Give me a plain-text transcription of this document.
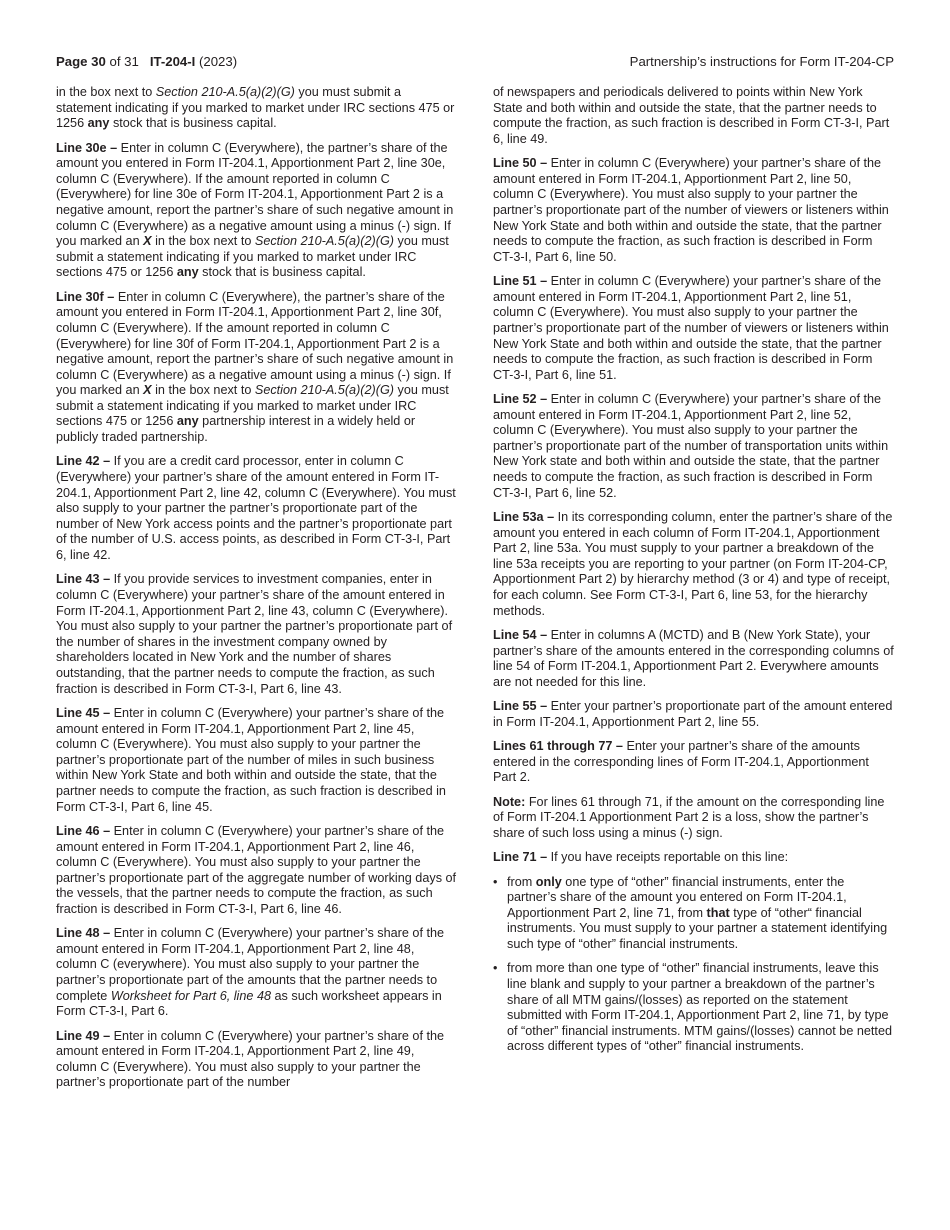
Page 30 of 31 IT-204-I (2023)	Partnership’s instructions for Form IT-204-CP

in the box next to Section 210-A.5(a)(2)(G) you must submit a statement indicating if you marked to market under IRC sections 475 or 1256 any stock that is business capital.

Line 30e – Enter in column C (Everywhere), the partner’s share of the amount you entered in Form IT-204.1, Apportionment Part 2, line 30e, column C (Everywhere). If the amount reported in column C (Everywhere) for line 30e of Form IT-204.1, Apportionment Part 2 is a negative amount, report the partner’s share of such negative amount in column C (Everywhere) as a negative amount using a minus (-) sign. If you marked an X in the box next to Section 210-A.5(a)(2)(G) you must submit a statement indicating if you marked to market under IRC sections 475 or 1256 any stock that is business capital.

Line 30f – Enter in column C (Everywhere), the partner’s share of the amount you entered in Form IT-204.1, Apportionment Part 2, line 30f, column C (Everywhere). If the amount reported in column C (Everywhere) for line 30f of Form IT-204.1, Apportionment Part 2 is a negative amount, report the partner’s share of such negative amount in column C (Everywhere) as a negative amount using a minus (-) sign. If you marked an X in the box next to Section 210-A.5(a)(2)(G) you must submit a statement indicating if you marked to market under IRC sections 475 or 1256 any partnership interest in a widely held or publicly traded partnership.

Line 42 – If you are a credit card processor, enter in column C (Everywhere) your partner’s share of the amount entered in Form IT-204.1, Apportionment Part 2, line 42, column C (Everywhere). You must also supply to your partner the partner’s proportionate part of the number of New York access points and the partner’s proportionate part of the number of U.S. access points, as described in Form CT-3-I, Part 6, line 42.

Line 43 – If you provide services to investment companies, enter in column C (Everywhere) your partner’s share of the amount entered in Form IT-204.1, Apportionment Part 2, line 43, column C (Everywhere). You must also supply to your partner the partner’s proportionate part of the number of shares in the investment company owned by shareholders located in New York and the number of shares outstanding, that the partner needs to compute the fraction, as such fraction is described in Form CT-3-I, Part 6, line 43.

Line 45 – Enter in column C (Everywhere) your partner’s share of the amount entered in Form IT-204.1, Apportionment Part 2, line 45, column C (Everywhere). You must also supply to your partner the partner’s proportionate part of the number of miles in such business within New York State and both within and outside the state, that the partner needs to compute the fraction, as such fraction is described in Form CT-3-I, Part 6, line 45.

Line 46 – Enter in column C (Everywhere) your partner’s share of the amount entered in Form IT-204.1, Apportionment Part 2, line 46, column C (Everywhere). You must also supply to your partner the partner’s proportionate part of the aggregate number of working days of the vessels, that the partner needs to compute the fraction, as such fraction is described in Form CT-3-I, Part 6, line 46.

Line 48 – Enter in column C (Everywhere) your partner’s share of the amount entered in Form IT-204.1, Apportionment Part 2, line 48, column C (everywhere). You must also supply to your partner the partner’s proportionate part of the amounts that the partner needs to complete Worksheet for Part 6, line 48 as such worksheet appears in Form CT-3-I, Part 6.

Line 49 – Enter in column C (Everywhere) your partner’s share of the amount entered in Form IT-204.1, Apportionment Part 2, line 49, column C (Everywhere). You must also supply to your partner the partner’s proportionate part of the number

of newspapers and periodicals delivered to points within New York State and both within and outside the state, that the partner needs to compute the fraction, as such fraction is described in Form CT-3-I, Part 6, line 49.

Line 50 – Enter in column C (Everywhere) your partner’s share of the amount entered in Form IT-204.1, Apportionment Part 2, line 50, column C (Everywhere). You must also supply to your partner the partner’s proportionate part of the number of viewers or listeners within New York State and both within and outside the state, that the partner needs to compute the fraction, as such fraction is described in Form CT-3-I, Part 6, line 50.

Line 51 – Enter in column C (Everywhere) your partner’s share of the amount entered in Form IT-204.1, Apportionment Part 2, line 51, column C (Everywhere). You must also supply to your partner the partner’s proportionate part of the number of viewers or listeners within New York State and both within and outside the state, that the partner needs to compute the fraction, as such fraction is described in Form CT-3-I, Part 6, line 51.

Line 52 – Enter in column C (Everywhere) your partner’s share of the amount entered in Form IT-204.1, Apportionment Part 2, line 52, column C (Everywhere). You must also supply to your partner the partner’s proportionate part of the number of transportation units within New York state and both within and outside the state, that the partner needs to compute the fraction, as such fraction is described in Form CT-3-I, Part 6, line 52.

Line 53a – In its corresponding column, enter the partner’s share of the amount you entered in each column of Form IT-204.1, Apportionment Part 2, line 53a. You must supply to your partner a breakdown of the line 53a receipts you are reporting to your partner (on Form IT-204-CP, Apportionment Part 2) by hierarchy method (3 or 4) and type of receipt, for each column. See Form CT-3-I, Part 6, line 53, for the hierarchy methods.

Line 54 – Enter in columns A (MCTD) and B (New York State), your partner’s share of the amounts entered in the corresponding columns of line 54 of Form IT-204.1, Apportionment Part 2. Everywhere amounts are not needed for this line.

Line 55 – Enter your partner’s proportionate part of the amount entered in Form IT-204.1, Apportionment Part 2, line 55.

Lines 61 through 77 – Enter your partner’s share of the amounts entered in the corresponding lines of Form IT-204.1, Apportionment Part 2.

Note: For lines 61 through 71, if the amount on the corresponding line of Form IT-204.1 Apportionment Part 2 is a loss, show the partner’s share of such loss using a minus (-) sign.

Line 71 – If you have receipts reportable on this line:

• from only one type of “other” financial instruments, enter the partner’s share of the amount you entered on Form IT-204.1, Apportionment Part 2, line 71, from that type of “other“ financial instruments. You must supply to your partner a statement identifying such type of “other” financial instruments.
• from more than one type of “other” financial instruments, leave this line blank and supply to your partner a breakdown of the partner’s share of all MTM gains/(losses) as reported on the statement submitted with Form IT-204.1, Apportionment Part 2, line 71, by type of “other” financial instruments. MTM gains/(losses) cannot be netted across different types of “other” financial instruments.
